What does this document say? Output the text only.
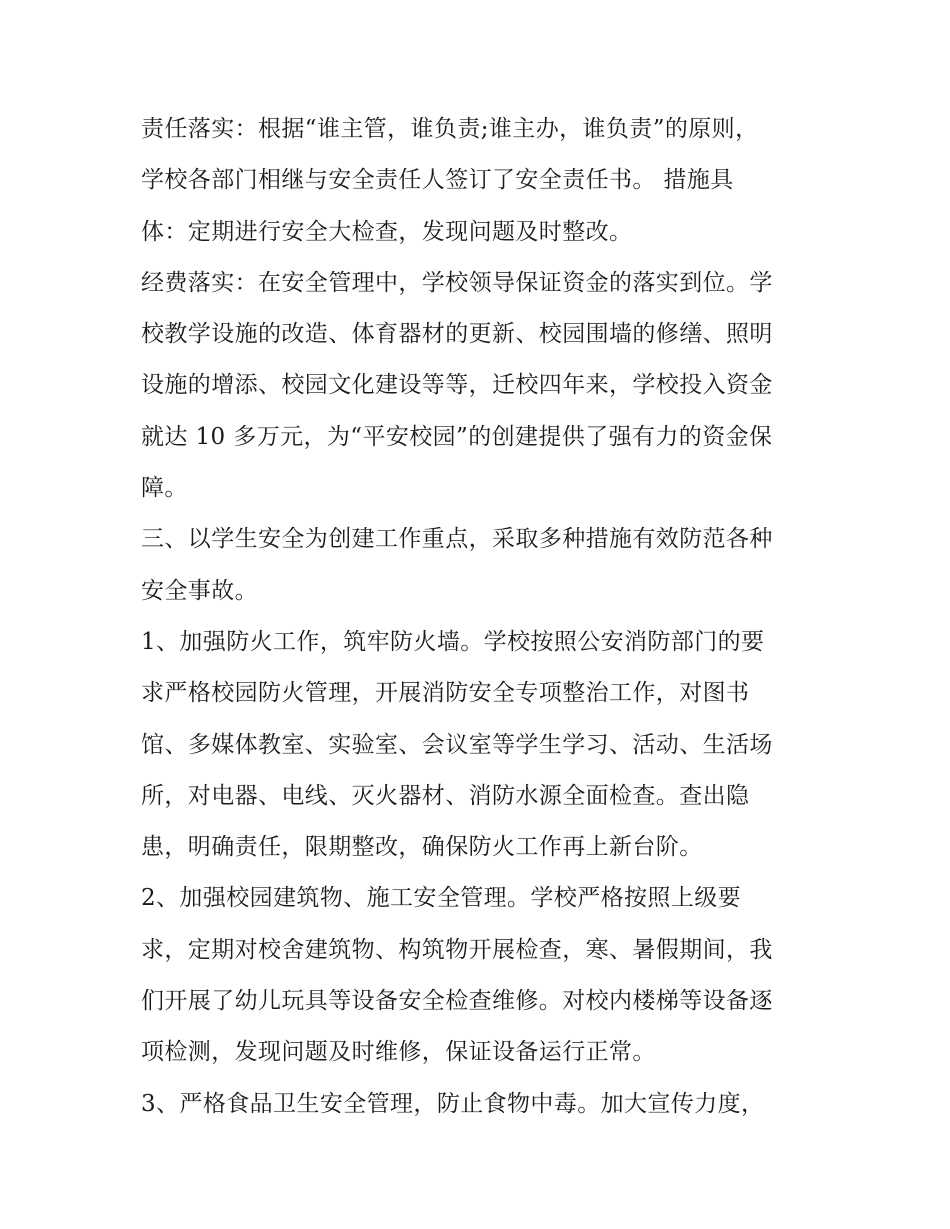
责任落实：根据“谁主管，谁负责;谁主办，谁负责”的原则，
学校各部门相继与安全责任人签订了安全责任书。 措施具
体：定期进行安全大检查，发现问题及时整改。
经费落实：在安全管理中，学校领导保证资金的落实到位。学
校教学设施的改造、体育器材的更新、校园围墙的修缮、照明
设施的增添、校园文化建设等等，迁校四年来，学校投入资金
就达 10 多万元，为“平安校园”的创建提供了强有力的资金保
障。
三、以学生安全为创建工作重点，采取多种措施有效防范各种
安全事故。
1、加强防火工作，筑牢防火墙。学校按照公安消防部门的要
求严格校园防火管理，开展消防安全专项整治工作，对图书
馆、多媒体教室、实验室、会议室等学生学习、活动、生活场
所，对电器、电线、灭火器材、消防水源全面检查。查出隐
患，明确责任，限期整改，确保防火工作再上新台阶。
2、加强校园建筑物、施工安全管理。学校严格按照上级要
求，定期对校舍建筑物、构筑物开展检查，寒、暑假期间，我
们开展了幼儿玩具等设备安全检查维修。对校内楼梯等设备逐
项检测，发现问题及时维修，保证设备运行正常。
3、严格食品卫生安全管理，防止食物中毒。加大宣传力度，
